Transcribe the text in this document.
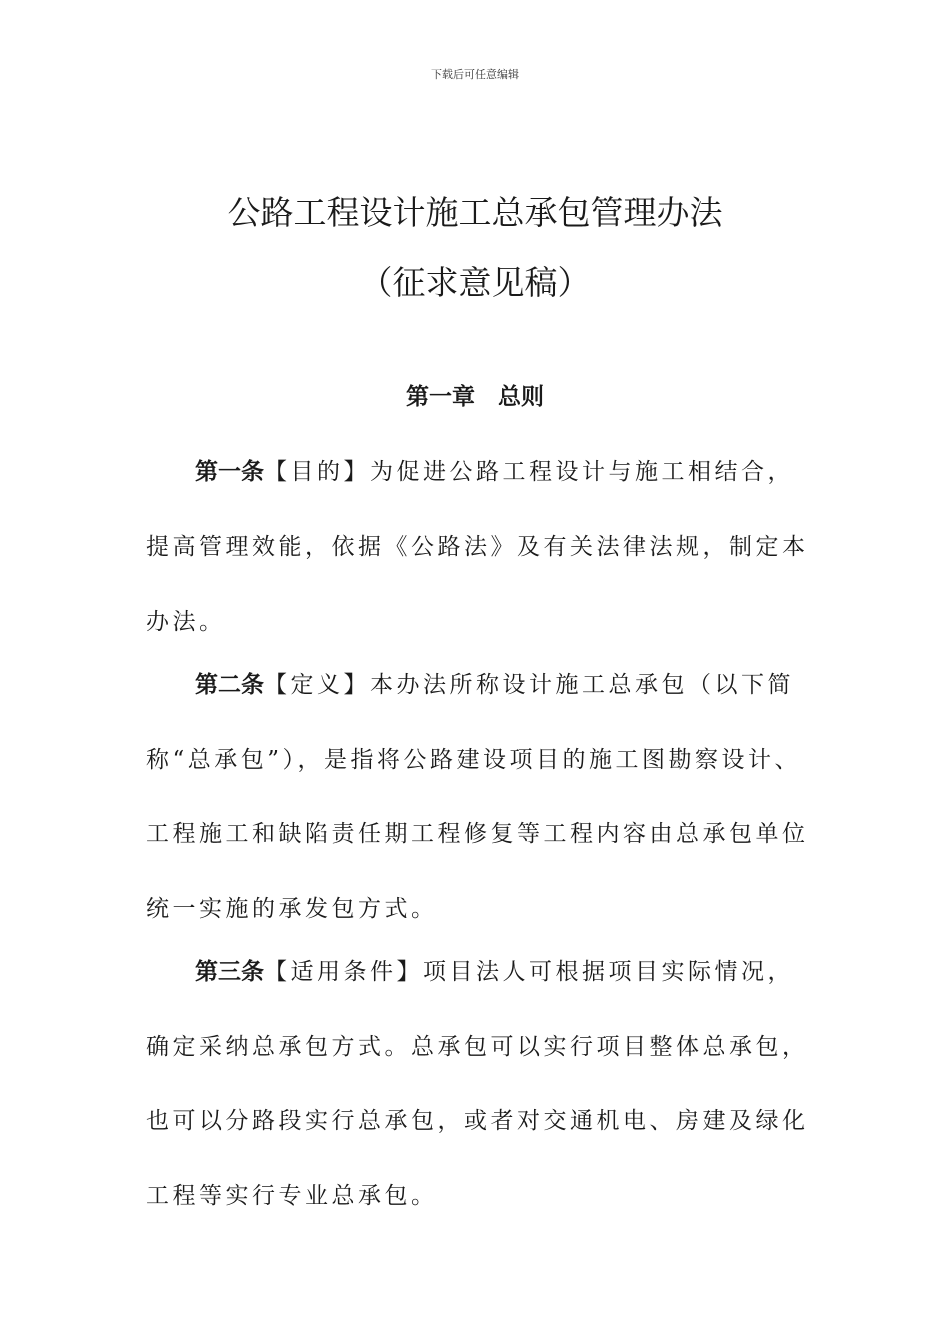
下载后可任意编辑
公路工程设计施工总承包管理办法
（征求意见稿）
第一章　总则
第一条【目的】为促进公路工程设计与施工相结合，
提高管理效能，依据《公路法》及有关法律法规，制定本
办法。
第二条【定义】本办法所称设计施工总承包（以下简
称“总承包”），是指将公路建设项目的施工图勘察设计、
工程施工和缺陷责任期工程修复等工程内容由总承包单位
统一实施的承发包方式。
第三条【适用条件】项目法人可根据项目实际情况，
确定采纳总承包方式。总承包可以实行项目整体总承包，
也可以分路段实行总承包，或者对交通机电、房建及绿化
工程等实行专业总承包。
